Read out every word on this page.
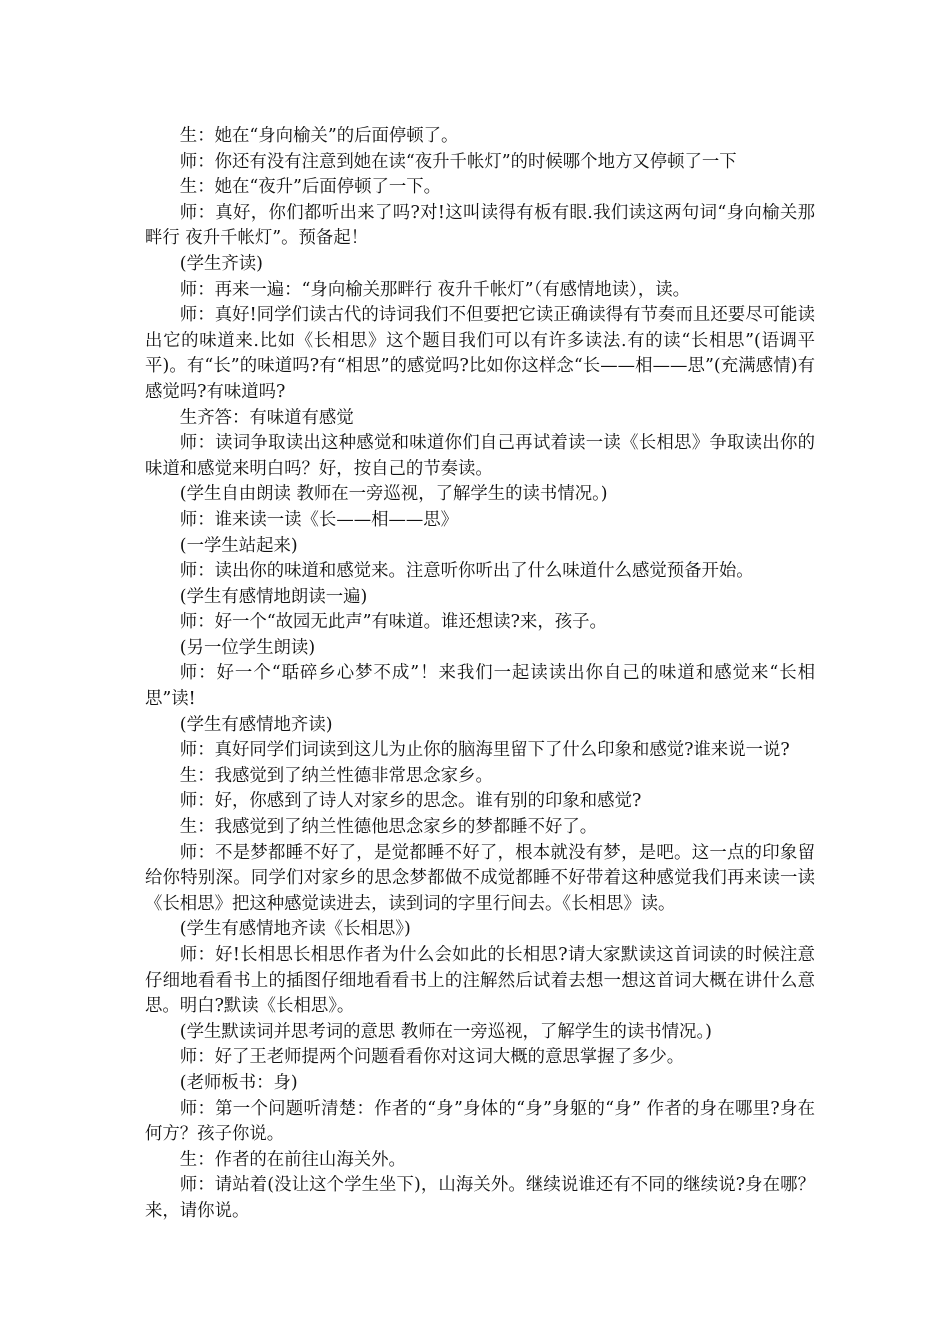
生：她在“身向榆关”的后面停顿了。

师：你还有没有注意到她在读“夜升千帐灯”的时候哪个地方又停顿了一下

生：她在“夜升”后面停顿了一下。

师：真好，你们都听出来了吗?对!这叫读得有板有眼.我们读这两句词“身向榆关那畔行 夜升千帐灯”。预备起！

(学生齐读)

师：再来一遍：“身向榆关那畔行 夜升千帐灯”（有感情地读），读。

师：真好!同学们读古代的诗词我们不但要把它读正确读得有节奏而且还要尽可能读出它的味道来.比如《长相思》这个题目我们可以有许多读法.有的读“长相思”(语调平平)。有“长”的味道吗?有“相思”的感觉吗?比如你这样念“长——相——思”(充满感情)有感觉吗?有味道吗?

生齐答：有味道有感觉

师：读词争取读出这种感觉和味道你们自己再试着读一读《长相思》争取读出你的味道和感觉来明白吗？好，按自己的节奏读。

(学生自由朗读 教师在一旁巡视，了解学生的读书情况。)

师：谁来读一读《长——相——思》

(一学生站起来)

师：读出你的味道和感觉来。注意听你听出了什么味道什么感觉预备开始。

(学生有感情地朗读一遍)

师：好一个“故园无此声”有味道。谁还想读?来，孩子。

(另一位学生朗读)

师：好一个“聒碎乡心梦不成”！来我们一起读读出你自己的味道和感觉来“长相思”读!

(学生有感情地齐读)

师：真好同学们词读到这儿为止你的脑海里留下了什么印象和感觉?谁来说一说?

生：我感觉到了纳兰性德非常思念家乡。

师：好，你感到了诗人对家乡的思念。谁有别的印象和感觉?

生：我感觉到了纳兰性德他思念家乡的梦都睡不好了。

师：不是梦都睡不好了，是觉都睡不好了，根本就没有梦，是吧。这一点的印象留给你特别深。同学们对家乡的思念梦都做不成觉都睡不好带着这种感觉我们再来读一读《长相思》把这种感觉读进去，读到词的字里行间去。《长相思》读。

(学生有感情地齐读《长相思》)

师：好!长相思长相思作者为什么会如此的长相思?请大家默读这首词读的时候注意仔细地看看书上的插图仔细地看看书上的注解然后试着去想一想这首词大概在讲什么意思。明白?默读《长相思》。

(学生默读词并思考词的意思 教师在一旁巡视，了解学生的读书情况。)

师：好了王老师提两个问题看看你对这词大概的意思掌握了多少。

(老师板书：身)

师：第一个问题听清楚：作者的“身”身体的“身”身躯的“身” 作者的身在哪里?身在何方？孩子你说。

生：作者的在前往山海关外。

师：请站着(没让这个学生坐下)，山海关外。继续说谁还有不同的继续说?身在哪？来，请你说。
